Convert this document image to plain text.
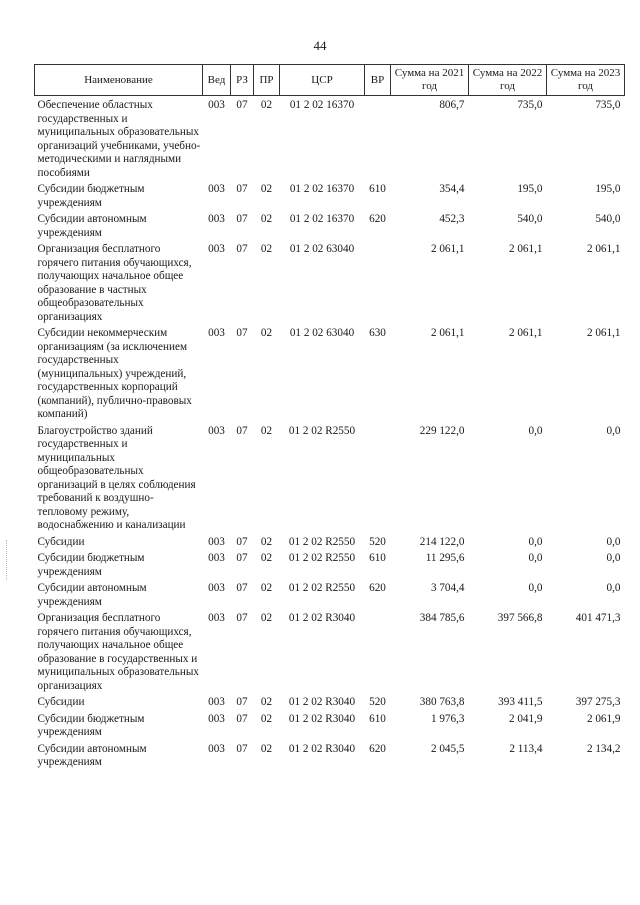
44
Наименование	Вед	РЗ	ПР	ЦСР	ВР	Сумма на 2021 год	Сумма на 2022 год	Сумма на 2023 год

Обеспечение областных государственных и муниципальных образовательных организаций учебниками, учебно-методическими и наглядными пособиями	003	07	02	01 2 02 16370		806,7	735,0	735,0

Субсидии бюджетным учреждениям	003	07	02	01 2 02 16370	610	354,4	195,0	195,0

Субсидии автономным учреждениям	003	07	02	01 2 02 16370	620	452,3	540,0	540,0

Организация бесплатного горячего питания обучающихся, получающих начальное общее образование в частных общеобразовательных организациях	003	07	02	01 2 02 63040		2 061,1	2 061,1	2 061,1

Субсидии некоммерческим организациям (за исключением государственных (муниципальных) учреждений, государственных корпораций (компаний), публично-правовых компаний)	003	07	02	01 2 02 63040	630	2 061,1	2 061,1	2 061,1

Благоустройство зданий государственных и муниципальных общеобразовательных организаций в целях соблюдения требований к воздушно-тепловому режиму, водоснабжению и канализации	003	07	02	01 2 02 R2550		229 122,0	0,0	0,0

Субсидии	003	07	02	01 2 02 R2550	520	214 122,0	0,0	0,0

Субсидии бюджетным учреждениям	003	07	02	01 2 02 R2550	610	11 295,6	0,0	0,0

Субсидии автономным учреждениям	003	07	02	01 2 02 R2550	620	3 704,4	0,0	0,0

Организация бесплатного горячего питания обучающихся, получающих начальное общее образование в государственных и муниципальных образовательных организациях	003	07	02	01 2 02 R3040		384 785,6	397 566,8	401 471,3

Субсидии	003	07	02	01 2 02 R3040	520	380 763,8	393 411,5	397 275,3

Субсидии бюджетным учреждениям	003	07	02	01 2 02 R3040	610	1 976,3	2 041,9	2 061,9

Субсидии автономным учреждениям	003	07	02	01 2 02 R3040	620	2 045,5	2 113,4	2 134,2
